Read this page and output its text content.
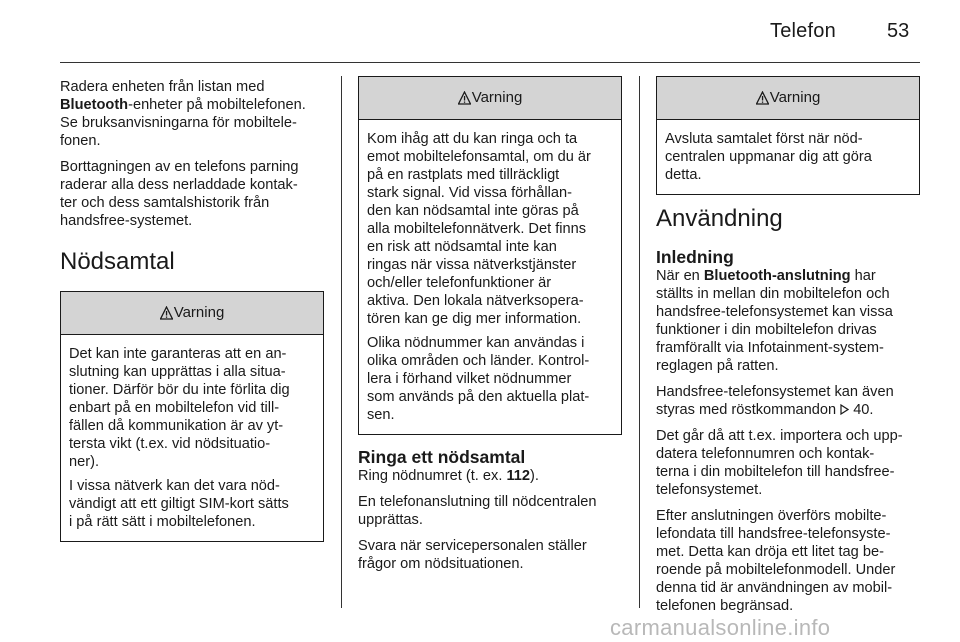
Telefon	53

Radera enheten från listan med
Bluetooth-enheter på mobiltelefonen.
Se bruksanvisningarna för mobiltele-
fonen.

Borttagningen av en telefons parning
raderar alla dess nerladdade kontak-
ter och dess samtalshistorik från
handsfree-systemet.

Nödsamtal
Varning

Det kan inte garanteras att en an-
slutning kan upprättas i alla situa-
tioner. Därför bör du inte förlita dig
enbart på en mobiltelefon vid till-
fällen då kommunikation är av yt-
tersta vikt (t.ex. vid nödsituatio-
ner).

I vissa nätverk kan det vara nöd-
vändigt att ett giltigt SIM-kort sätts
i på rätt sätt i mobiltelefonen.

Varning

Kom ihåg att du kan ringa och ta
emot mobiltelefonsamtal, om du är
på en rastplats med tillräckligt
stark signal. Vid vissa förhållan-
den kan nödsamtal inte göras på
alla mobiltelefonnätverk. Det finns
en risk att nödsamtal inte kan
ringas när vissa nätverkstjänster
och/eller telefonfunktioner är
aktiva. Den lokala nätverksopera-
tören kan ge dig mer information.

Olika nödnummer kan användas i
olika områden och länder. Kontrol-
lera i förhand vilket nödnummer
som används på den aktuella plat-
sen.

Ringa ett nödsamtal

Ring nödnumret (t. ex. 112).

En telefonanslutning till nödcentralen
upprättas.

Svara när servicepersonalen ställer
frågor om nödsituationen.

Varning

Avsluta samtalet först när nöd-
centralen uppmanar dig att göra
detta.

Användning
Inledning

När en Bluetooth-anslutning har
ställts in mellan din mobiltelefon och
handsfree-telefonsystemet kan vissa
funktioner i din mobiltelefon drivas
framförallt via Infotainment-system-
reglagen på ratten.

Handsfree-telefonsystemet kan även
styras med röstkommandon 40.

Det går då att t.ex. importera och upp-
datera telefonnumren och kontak-
terna i din mobiltelefon till handsfree-
telefonsystemet.

Efter anslutningen överförs mobilte-
lefondata till handsfree-telefonsyste-
met. Detta kan dröja ett litet tag be-
roende på mobiltelefonmodell. Under
denna tid är användningen av mobil-
telefonen begränsad.

carmanualsonline.info
